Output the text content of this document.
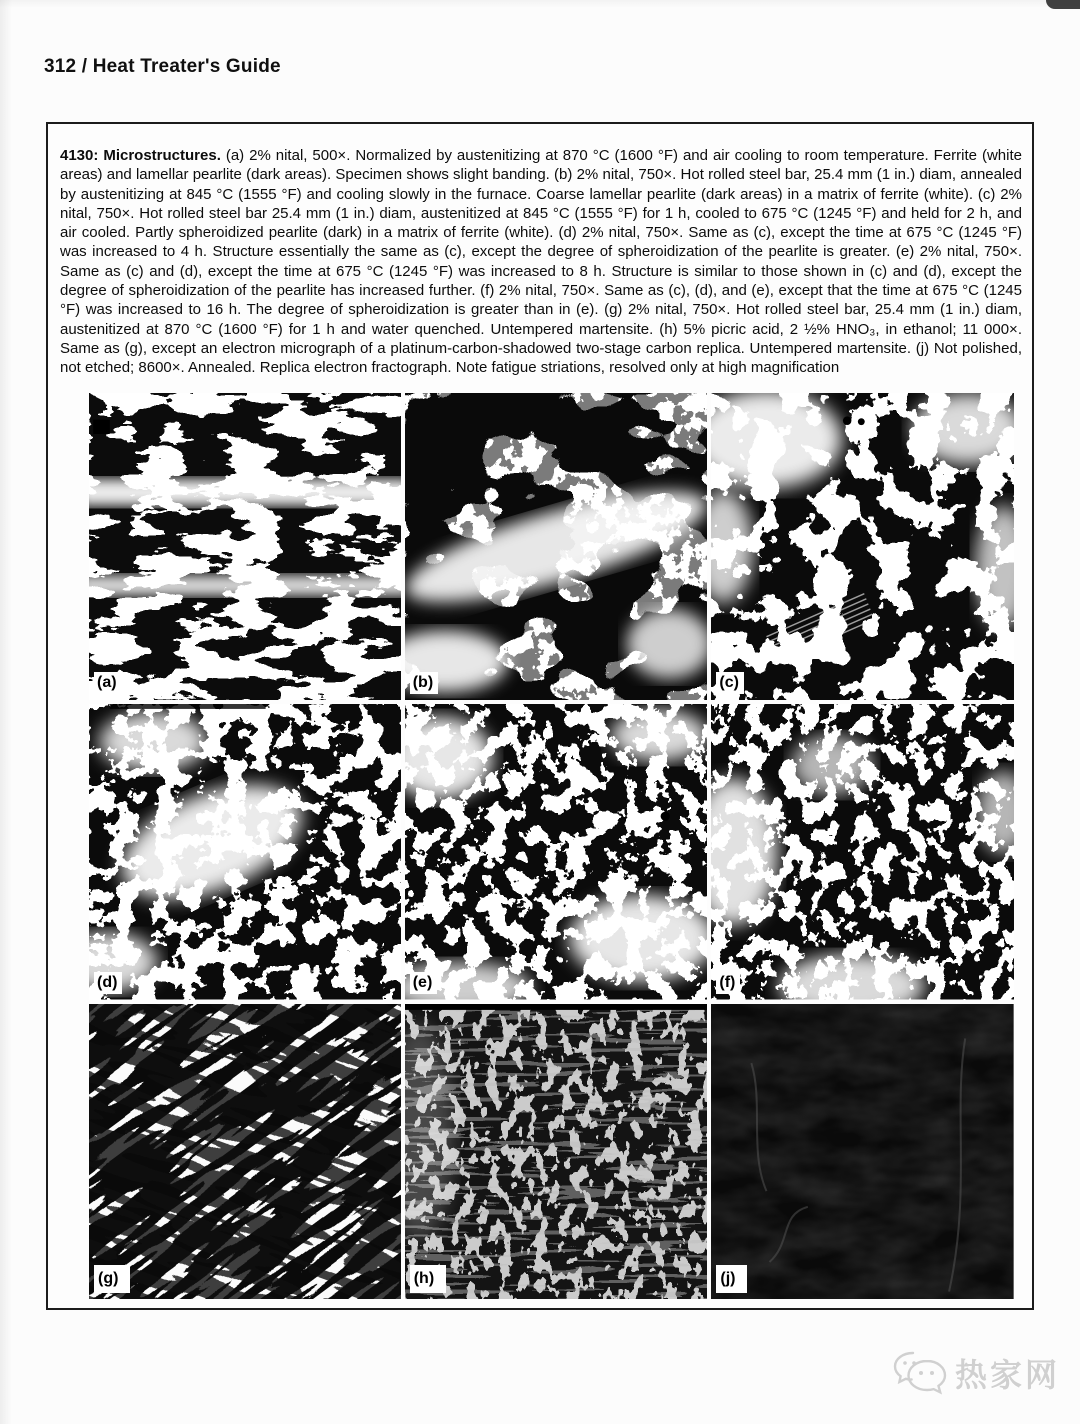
312 / Heat Treater's Guide

4130: Microstructures. (a) 2% nital, 500×. Normalized by austenitizing at 870 °C (1600 °F) and air cooling to room temperature. Ferrite (white areas) and lamellar pearlite (dark areas). Specimen shows slight banding. (b) 2% nital, 750×. Hot rolled steel bar, 25.4 mm (1 in.) diam, annealed by austenitizing at 845 °C (1555 °F) and cooling slowly in the furnace. Coarse lamellar pearlite (dark areas) in a matrix of ferrite (white). (c) 2% nital, 750×. Hot rolled steel bar 25.4 mm (1 in.) diam, austenitized at 845 °C (1555 °F) for 1 h, cooled to 675 °C (1245 °F) and held for 2 h, and air cooled. Partly spheroidized pearlite (dark) in a matrix of ferrite (white). (d) 2% nital, 750×. Same as (c), except the time at 675 °C (1245 °F) was increased to 4 h. Structure essentially the same as (c), except the degree of spheroidization of the pearlite is greater. (e) 2% nital, 750×. Same as (c) and (d), except the time at 675 °C (1245 °F) was increased to 8 h. Structure is similar to those shown in (c) and (d), except the degree of spheroidization of the pearlite has increased further. (f) 2% nital, 750×. Same as (c), (d), and (e), except that the time at 675 °C (1245 °F) was increased to 16 h. The degree of spheroidization is greater than in (e). (g) 2% nital, 750×. Hot rolled steel bar, 25.4 mm (1 in.) diam, austenitized at 870 °C (1600 °F) for 1 h and water quenched. Untempered martensite. (h) 5% picric acid, 2 ½% HNO₃, in ethanol; 11 000×. Same as (g), except an electron micrograph of a platinum-carbon-shadowed two-stage carbon replica. Untempered martensite. (j) Not polished, not etched; 8600×. Annealed. Replica electron fractograph. Note fatigue striations, resolved only at high magnification

(a)	(b)	(c)
(d)	(e)	(f)
(g)	(h)	(j)
热家网
